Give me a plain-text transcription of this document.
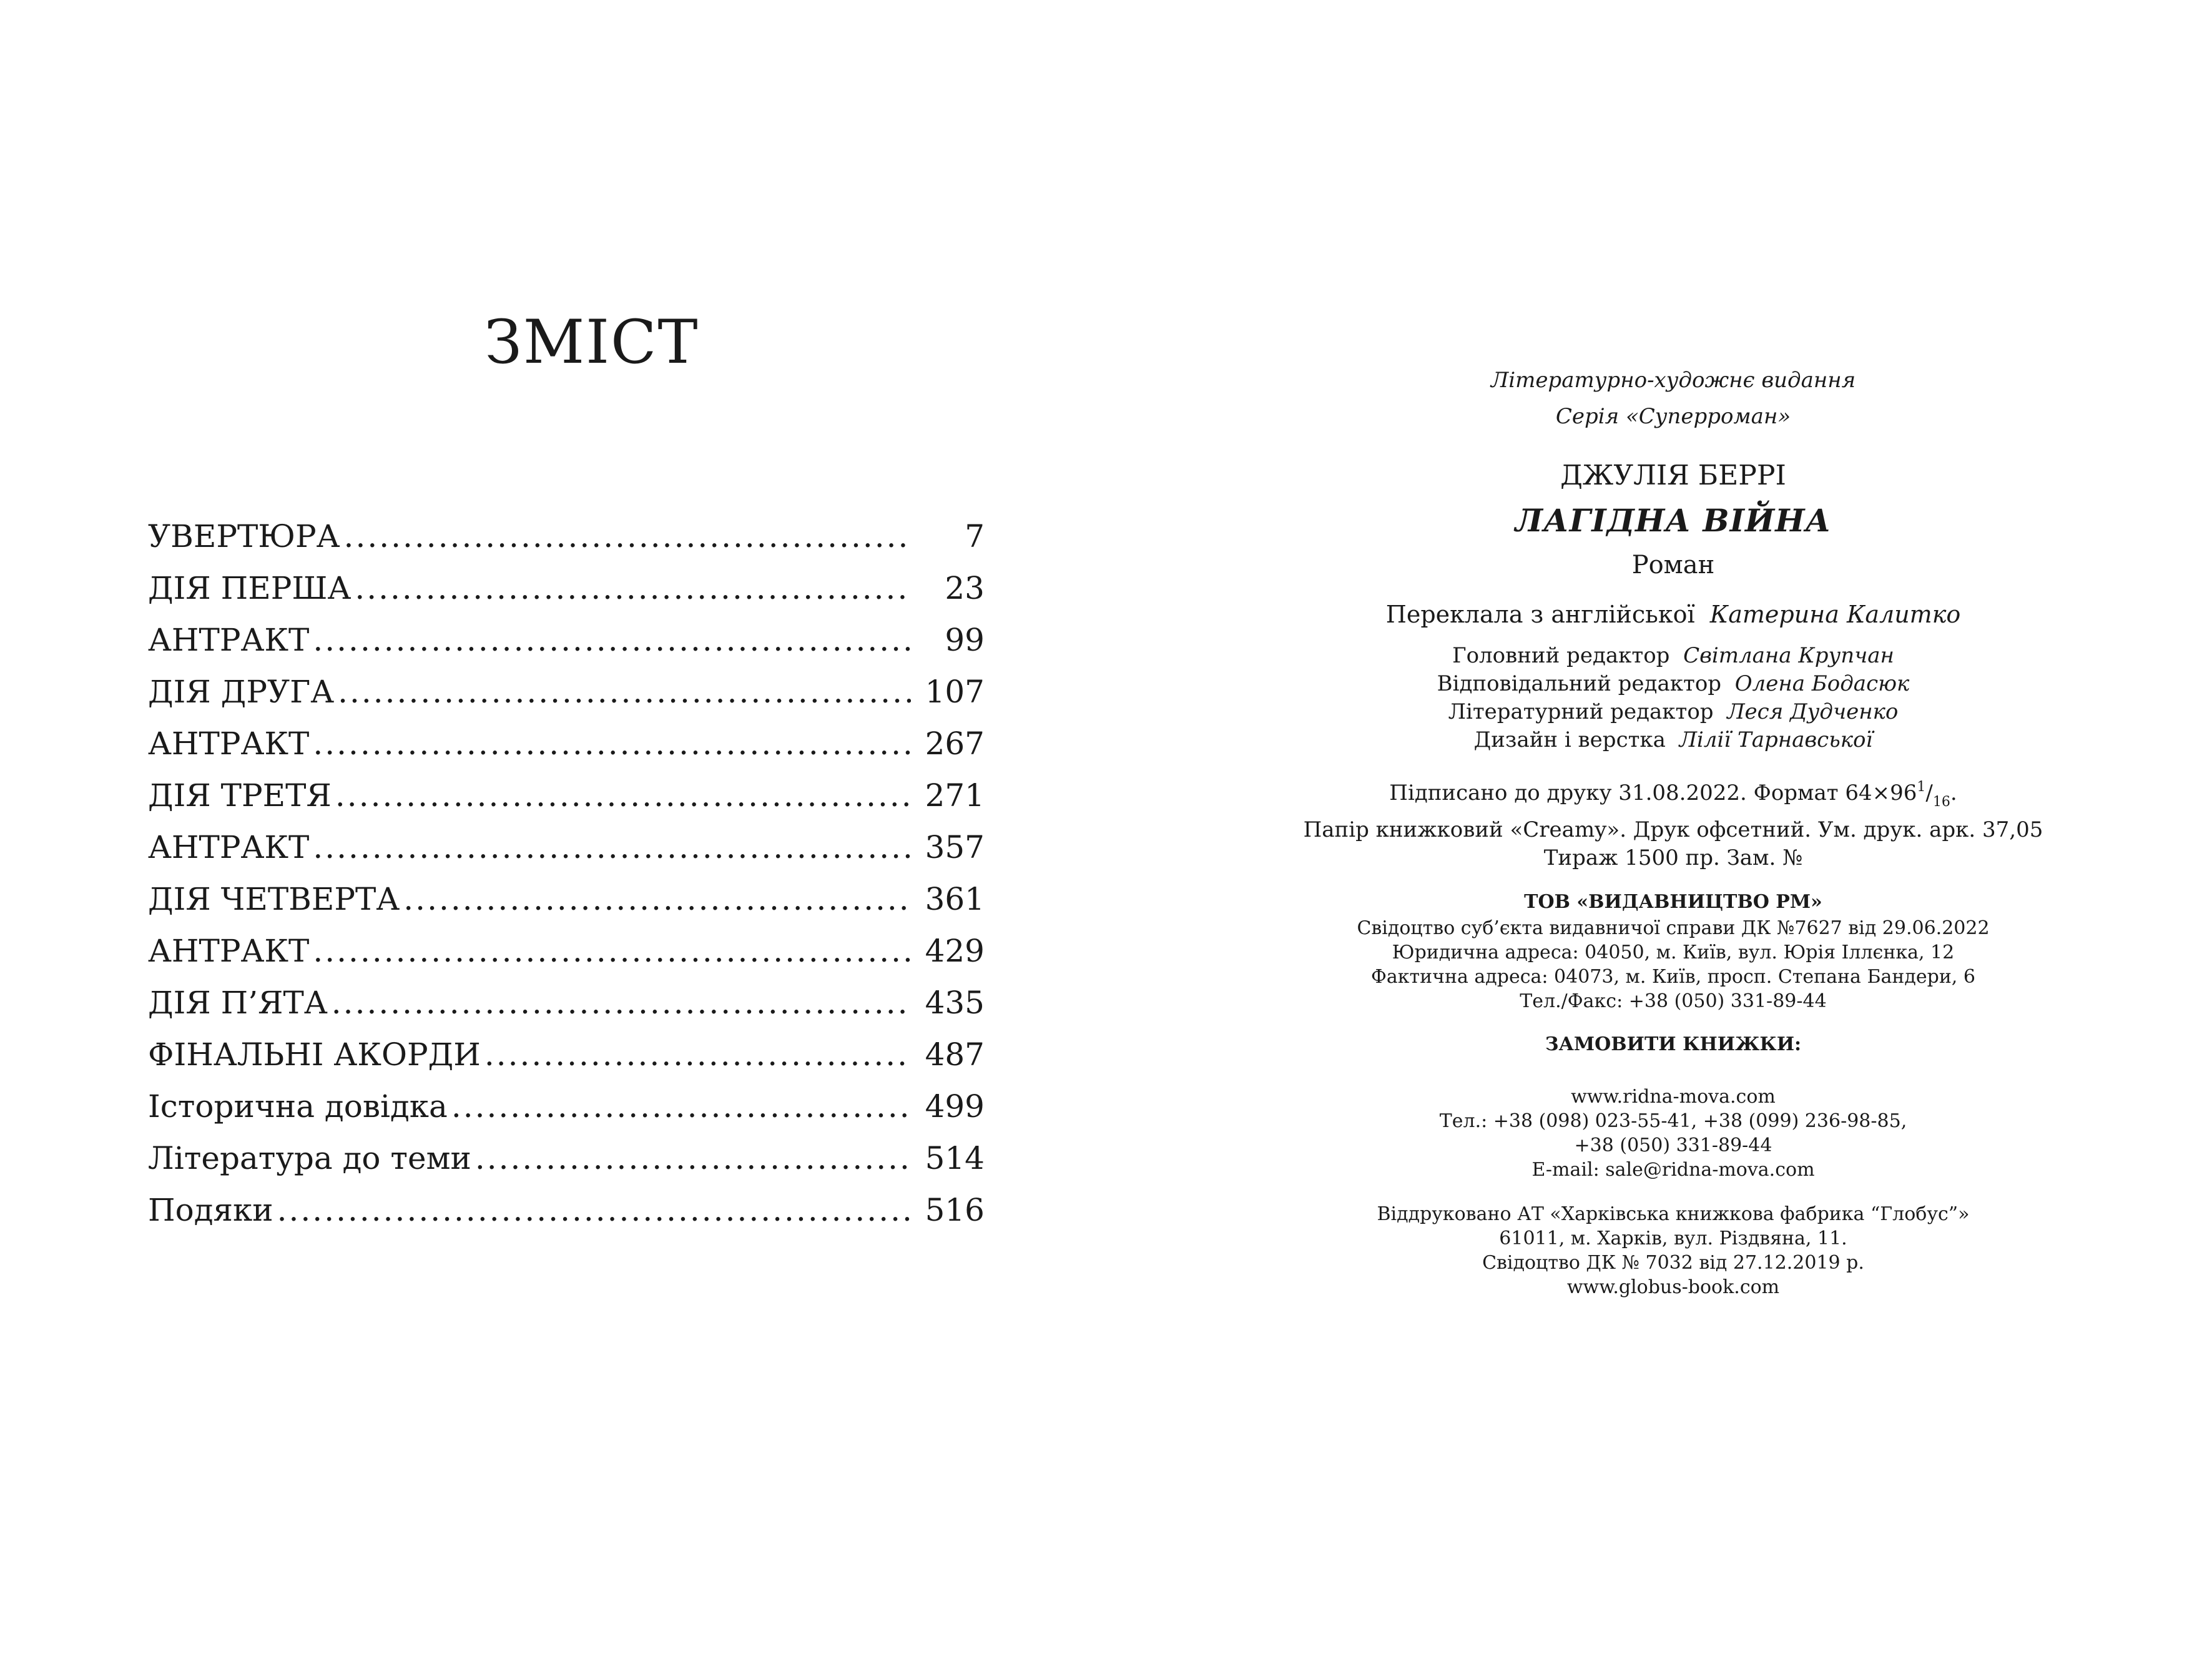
ЗМІСТ
УВЕРТЮРА .....	7
ДІЯ ПЕРША .....	23
АНТРАКТ .....	99
ДІЯ ДРУГА .....	107
АНТРАКТ .....	267
ДІЯ ТРЕТЯ .....	271
АНТРАКТ .....	357
ДІЯ ЧЕТВЕРТА .....	361
АНТРАКТ .....	429
ДІЯ П’ЯТА .....	435
ФІНАЛЬНІ АКОРДИ .....	487
Історична довідка .....	499
Література до теми .....	514
Подяки .....	516
Літературно-художнє видання
Серія «Суперроман»
ДЖУЛІЯ БЕРРІ
ЛАГІДНА ВІЙНА
Роман
Переклала з англійської Катерина Калитко
Головний редактор Світлана Крупчан
Відповідальний редактор Олена Бодасюк
Літературний редактор Леся Дудченко
Дизайн і верстка Лілії Тарнавської
Підписано до друку 31.08.2022. Формат $64\times 96^1/_{16}$.
Папір книжковий «Creamy». Друк офсетний. Ум. друк. арк. 37,05
Тираж 1500 пр. Зам. №
ТОВ «ВИДАВНИЦТВО РМ»
Свідоцтво суб’єкта видавничої справи ДК №7627 від 29.06.2022
Юридична адреса: 04050, м. Київ, вул. Юрія Іллєнка, 12
Фактична адреса: 04073, м. Київ, просп. Степана Бандери, 6
Тел./Факс: +38 (050) 331-89-44
ЗАМОВИТИ КНИЖКИ:
www.ridna-mova.com
Тел.: +38 (098) 023-55-41, +38 (099) 236-98-85,
+38 (050) 331-89-44
E-mail: sale@ridna-mova.com
Віддруковано АТ «Харківська книжкова фабрика “Глобус”»
61011, м. Харків, вул. Різдвяна, 11.
Свідоцтво ДК № 7032 від 27.12.2019 р.
www.globus-book.com
